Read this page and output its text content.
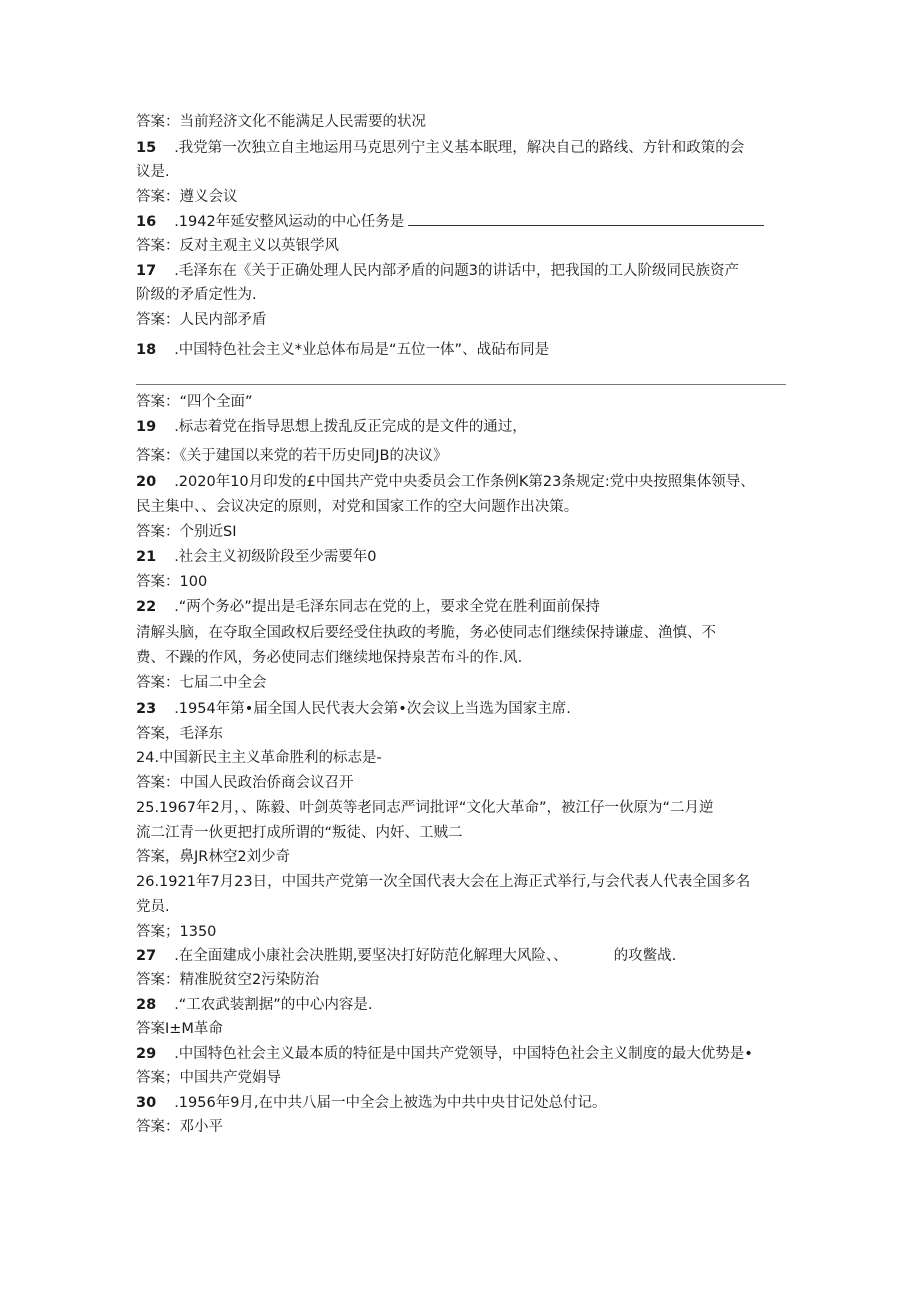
答案：当前羟济文化不能满足人民需要的状况
15 .我党第一次独立自主地运用马克思列宁主义基本眠理，解决自己的路线、方针和政策的会
议是.
答案：遵义会议
16 .1942年延安整风运动的中心任务是
答案：反对主观主义以英银学风
17 .毛泽东在《关于正确处理人民内部矛盾的问题3的讲话中，把我国的工人阶级同民族资产
阶级的矛盾定性为.
答案：人民内部矛盾
18 .中国特色社会主义*业总体布局是“五位一体”、战砧布同是
答案：“四个全面”
19 .标志着党在指导思想上拨乱反正完成的是文件的通过，
答案：《关于建国以来党的若干历史同JB的决议》
20 .2020年10月印发的£中国共产党中央委员会工作条例K第23条规定:党中央按照集体领导、
民主集中、、会议决定的原则，对党和国家工作的空大问题作出决策。
答案：个别近SI
21 .社会主义初级阶段至少需要年0
答案：100
22 .“两个务必”提出是毛泽东同志在党的上，要求全党在胜利面前保持
清解头脑，在夺取全国政权后要经受住执政的考脆，务必使同志们继续保持谦虚、渔慎、不
费、不躁的作风，务必使同志们继续地保持泉苦布斗的作.风.
答案：七届二中全会
23 .1954年第•届全国人民代表大会第•次会议上当选为国家主席.
答案，毛泽东
24.中国新民主主义革命胜利的标志是-
答案：中国人民政治侨商会议召开
25.1967年2月，、陈毅、叶剑英等老同志严词批评“文化大革命”，被江仔一伙原为“二月逆
流二江青一伙更把打成所谓的“叛徒、内奸、工贼二
答案，鼻JR林空2刘少奇
26.1921年7月23日，中国共产党第一次全国代表大会在上海正式举行,与会代表人代表全国多名
党员.
答案；1350
27 .在全面建成小康社会决胜期,要坚决打好防范化解理大风险、、	的攻鳖战.
答案：精准脱贫空2污染防治
28 .“工农武装割据”的中心内容是.
答案I±M革命
29 .中国特色社会主义最本质的特征是中国共产党领导，中国特色社会主义制度的最大优势是•
答案；中国共产党娟导
30 .1956年9月,在中共八届一中全会上被选为中共中央甘记处总付记。
答案：邓小平
